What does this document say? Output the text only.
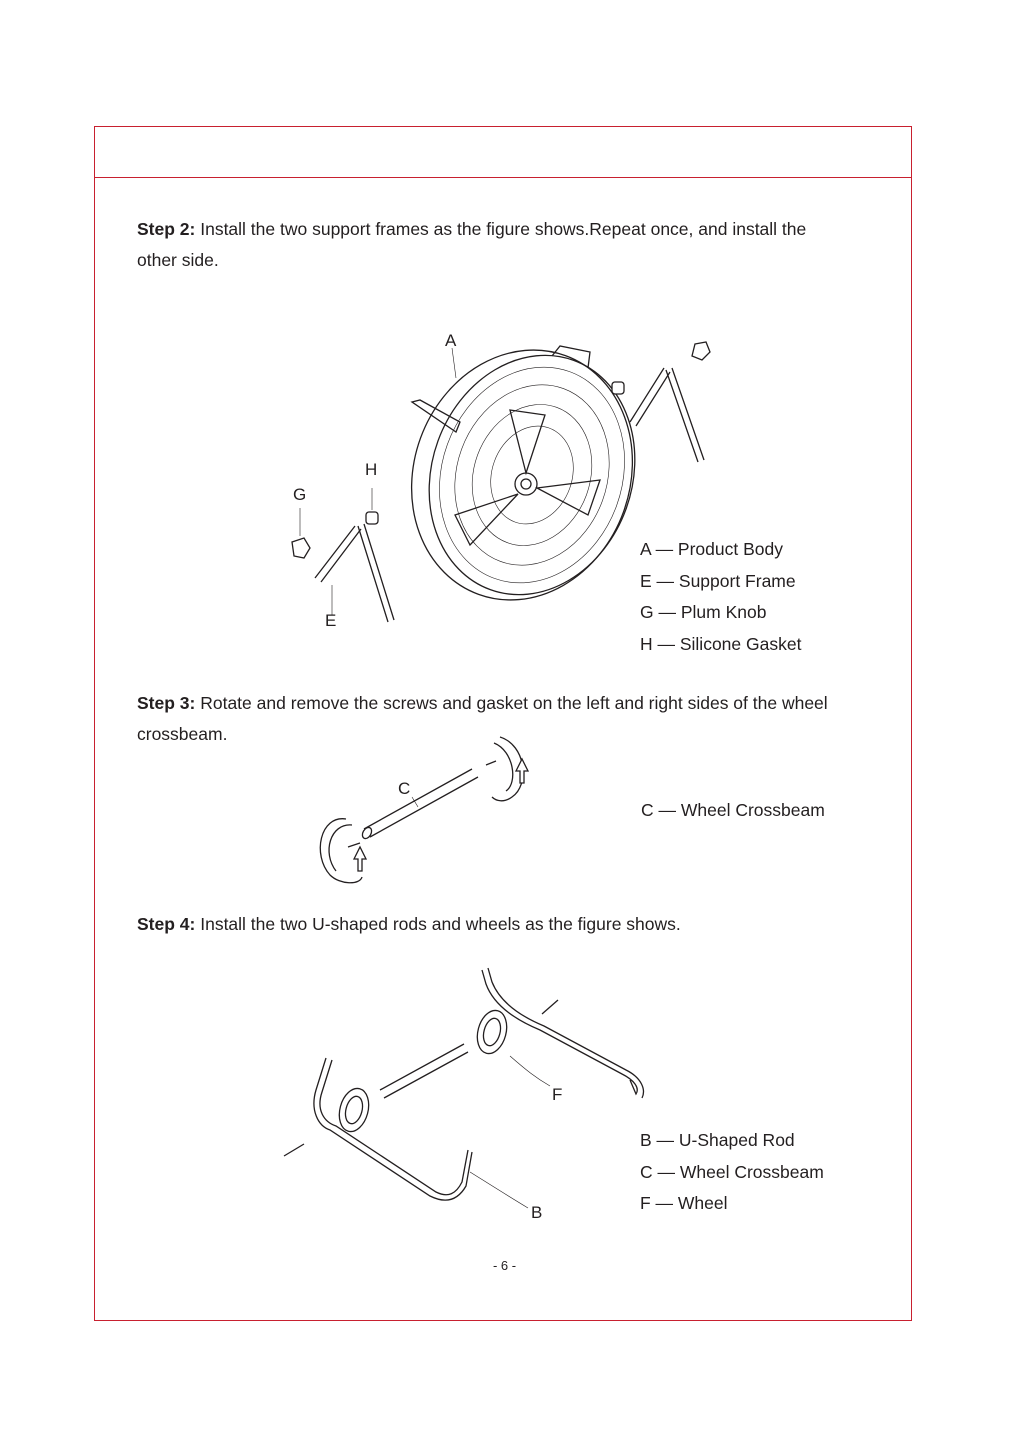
Step 2: Install the two support frames as the figure shows.Repeat once, and install the other side.
A
H
G
E
A — Product Body
E — Support Frame
G — Plum Knob
H — Silicone Gasket
Step 3: Rotate and remove the screws and gasket on the left and right sides of the wheel crossbeam.
C
C — Wheel Crossbeam
Step 4: Install the two U-shaped rods and wheels as the figure shows.
F
B
B — U-Shaped Rod
C — Wheel Crossbeam
F — Wheel
- 6 -
